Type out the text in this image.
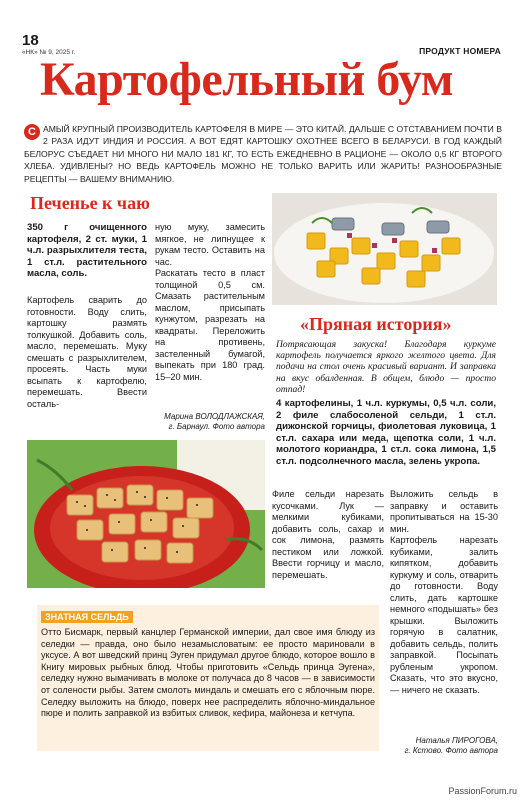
18
«НК» № 9, 2025 г.	ПРОДУКТ НОМЕРА
Картофельный бум
С АМЫЙ КРУПНЫЙ ПРОИЗВОДИТЕЛЬ КАРТОФЕЛЯ В МИРЕ — ЭТО КИТАЙ. ДАЛЬШЕ С ОТСТАВАНИЕМ ПОЧТИ В 2 РАЗА ИДУТ ИНДИЯ И РОССИЯ. А ВОТ ЕДЯТ КАРТОШКУ ОХОТНЕЕ ВСЕГО В БЕЛАРУСИ. В ГОД КАЖДЫЙ БЕЛОРУС СЪЕДАЕТ НИ МНОГО НИ МАЛО 181 КГ, ТО ЕСТЬ ЕЖЕДНЕВНО В РАЦИОНЕ — ОКОЛО 0,5 КГ ВТОРОГО ХЛЕБА. УДИВЛЕНЫ? НО ВЕДЬ КАРТОФЕЛЬ МОЖНО НЕ ТОЛЬКО ВАРИТЬ ИЛИ ЖАРИТЬ! РАЗНООБРАЗНЫЕ РЕЦЕПТЫ — ВАШЕМУ ВНИМАНИЮ.
Печенье к чаю
350 г очищенного картофеля, 2 ст. муки, 1 ч.л. разрыхлителя теста, 1 ст.л. растительного масла, соль.
Картофель сварить до готовности. Воду слить, картошку размять толкушкой. Добавить соль, масло, перемешать. Муку смешать с разрыхлителем, просеять. Часть муки всыпать к картофелю, перемешать. Ввести осталь-
ную муку, замесить мягкое, не липнущее к рукам тесто. Оставить на час.
Раскатать тесто в пласт толщиной 0,5 см. Смазать растительным маслом, присыпать кунжутом, разрезать на квадраты. Переложить на противень, застеленный бумагой, выпекать при 180 град. 15–20 мин.
Марина ВОЛОДЛАЖСКАЯ,
г. Барнаул. Фото автора
«Пряная история»
Потрясающая закуска! Благодаря куркуме картофель получается яркого желтого цвета. Для подачи на стол очень красивый вариант. И заправка на вкус обалденная. В общем, блюдо — просто отпад!
4 картофелины, 1 ч.л. куркумы, 0,5 ч.л. соли, 2 филе слабосоленой сельди, 1 ст.л. дижонской горчицы, фиолетовая луковица, 1 ст.л. сахара или меда, щепотка соли, 1 ч.л. молотого кориандра, 1 ст.л. сока лимона, 1,5 ст.л. подсолнечного масла, зелень укропа.
Филе сельди нарезать кусочками. Лук — мелкими кубиками, добавить соль, сахар и сок лимона, размять пестиком или ложкой. Ввести горчицу и масло, перемешать.
Выложить сельдь в заправку и оставить пропитываться на 15-30 мин.
Картофель нарезать кубиками, залить кипятком, добавить куркуму и соль, отварить до готовности. Воду слить, дать картошке немного «подышать» без крышки. Выложить горячую в салатник, добавить сельдь, полить заправкой. Посыпать рубленым укропом. Сказать, что это вкусно, — ничего не сказать.
Наталья ПИРОГОВА,
г. Кстово. Фото автора
ЗНАТНАЯ СЕЛЬДЬ
Отто Бисмарк, первый канцлер Германской империи, дал свое имя блюду из селедки — правда, оно было незамысловатым: ее просто мариновали в уксусе. А вот шведский принц Эуген придумал другое блюдо, которое вошло в Книгу мировых рыбных блюд. Чтобы приготовить «Сельдь принца Эугена», селедку нужно вымачивать в молоке от получаса до 8 часов — в зависимости от солености рыбы. Затем смолоть миндаль и смешать его с яблочным пюре. Селедку выложить на блюдо, поверх нее распределить яблочно-миндальное пюре и полить заправкой из взбитых сливок, кефира, майонеза и кетчупа.
PassionForum.ru
